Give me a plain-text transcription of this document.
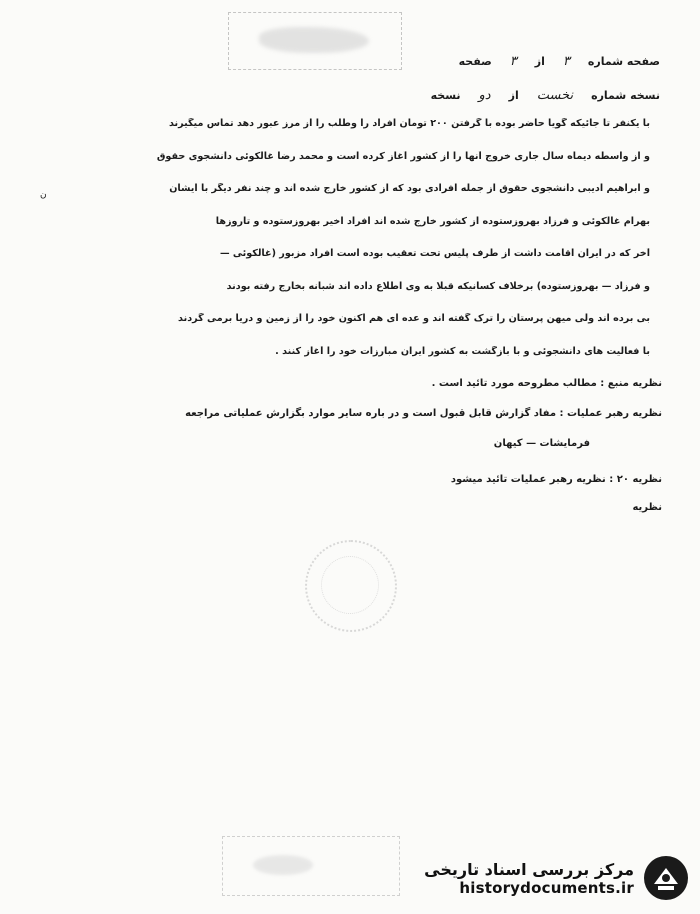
صفحه شماره
۳
از
۳
صفحه
نسخه شماره
نخست
از
دو
نسخه
ن
با یکنفر تا جائیکه گویا حاضر بوده با گرفتن ۲۰۰ تومان افراد را وطلب را از مرز عبور دهد تماس میگیرند
و از واسطه دیماه سال جاری خروج آنها را از کشور آغاز کرده است و محمد رضا غالکوئی دانشجوی حقوق
و ابراهیم ادیبی دانشجوی حقوق از جمله افرادی بود که از کشور خارج شده اند و چند نفر دیگر با ایشان
بهرام غالکوئی و فرزاد بهروزستوده از کشور خارج شده اند افراد اخیر بهروزستوده و تاروزها
آخر که در ایران اقامت داشت از طرف پلیس تحت تعقیب بوده است افراد مزبور (غالکوئی —
و فرزاد — بهروزستوده) برخلاف کسانیکه قبلا به وی اطلاع داده اند شبانه بخارج رفته بودند
بی برده اند ولی میهن پرستان را ترک گفته اند و عده ای هم اکنون خود را از زمین و دریا برمی گردند
با فعالیت های دانشجوئی و با بازگشت به کشور ایران مبارزات خود را آغاز کنند .
نظریه منبع : مطالب مطروحه مورد تائید است .
نظریه رهبر عملیات : مفاد گزارش قابل قبول است و در باره سایر موارد بگزارش عملیاتی مراجعه
فرمایشات — کیهان
نظریه ۲۰ : نظریه رهبر عملیات تائید میشود
نظریه
مرکز بررسی اسناد تاریخی
historydocuments.ir
